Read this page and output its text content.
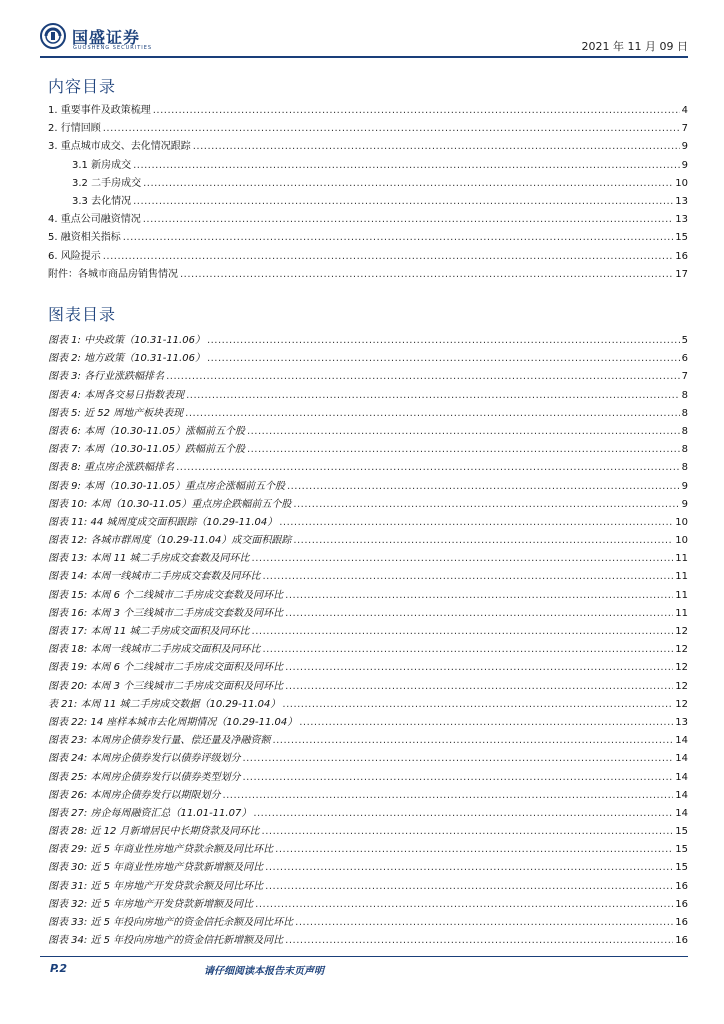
国盛证券
GUOSHENG SECURITIES	2021 年 11 月 09 日
内容目录
1. 重要事件及政策梳理 .....	4
2. 行情回顾 .....	7
3. 重点城市成交、去化情况跟踪 .....	9
3.1 新房成交 .....	9
3.2 二手房成交 .....	10
3.3 去化情况 .....	13
4. 重点公司融资情况 .....	13
5. 融资相关指标 .....	15
6. 风险提示 .....	16
附件：各城市商品房销售情况 .....	17
图表目录
图表 1: 中央政策（10.31-11.06） .....	5
图表 2: 地方政策（10.31-11.06） .....	6
图表 3: 各行业涨跌幅排名 .....	7
图表 4: 本周各交易日指数表现 .....	8
图表 5: 近 52 周地产板块表现 .....	8
图表 6: 本周（10.30-11.05）涨幅前五个股 .....	8
图表 7: 本周（10.30-11.05）跌幅前五个股 .....	8
图表 8: 重点房企涨跌幅排名 .....	8
图表 9: 本周（10.30-11.05）重点房企涨幅前五个股 .....	9
图表 10: 本周（10.30-11.05）重点房企跌幅前五个股 .....	9
图表 11: 44 城周度成交面积跟踪（10.29-11.04） .....	10
图表 12: 各城市群周度（10.29-11.04）成交面积跟踪 .....	10
图表 13: 本周 11 城二手房成交套数及同环比 .....	11
图表 14: 本周一线城市二手房成交套数及同环比 .....	11
图表 15: 本周 6 个二线城市二手房成交套数及同环比 .....	11
图表 16: 本周 3 个三线城市二手房成交套数及同环比 .....	11
图表 17: 本周 11 城二手房成交面积及同环比 .....	12
图表 18: 本周一线城市二手房成交面积及同环比 .....	12
图表 19: 本周 6 个二线城市二手房成交面积及同环比 .....	12
图表 20: 本周 3 个三线城市二手房成交面积及同环比 .....	12
表 21: 本周 11 城二手房成交数据（10.29-11.04） .....	12
图表 22: 14 座样本城市去化周期情况（10.29-11.04） .....	13
图表 23: 本周房企债券发行量、偿还量及净融资额 .....	14
图表 24: 本周房企债券发行以债券评级划分 .....	14
图表 25: 本周房企债券发行以债券类型划分 .....	14
图表 26: 本周房企债券发行以期限划分 .....	14
图表 27: 房企每周融资汇总（11.01-11.07） .....	14
图表 28: 近 12 月新增居民中长期贷款及同环比 .....	15
图表 29: 近 5 年商业性房地产贷款余额及同比环比 .....	15
图表 30: 近 5 年商业性房地产贷款新增额及同比 .....	15
图表 31: 近 5 年房地产开发贷款余额及同比环比 .....	16
图表 32: 近 5 年房地产开发贷款新增额及同比 .....	16
图表 33: 近 5 年投向房地产的资金信托余额及同比环比 .....	16
图表 34: 近 5 年投向房地产的资金信托新增额及同比 .....	16
P.2	请仔细阅读本报告末页声明
